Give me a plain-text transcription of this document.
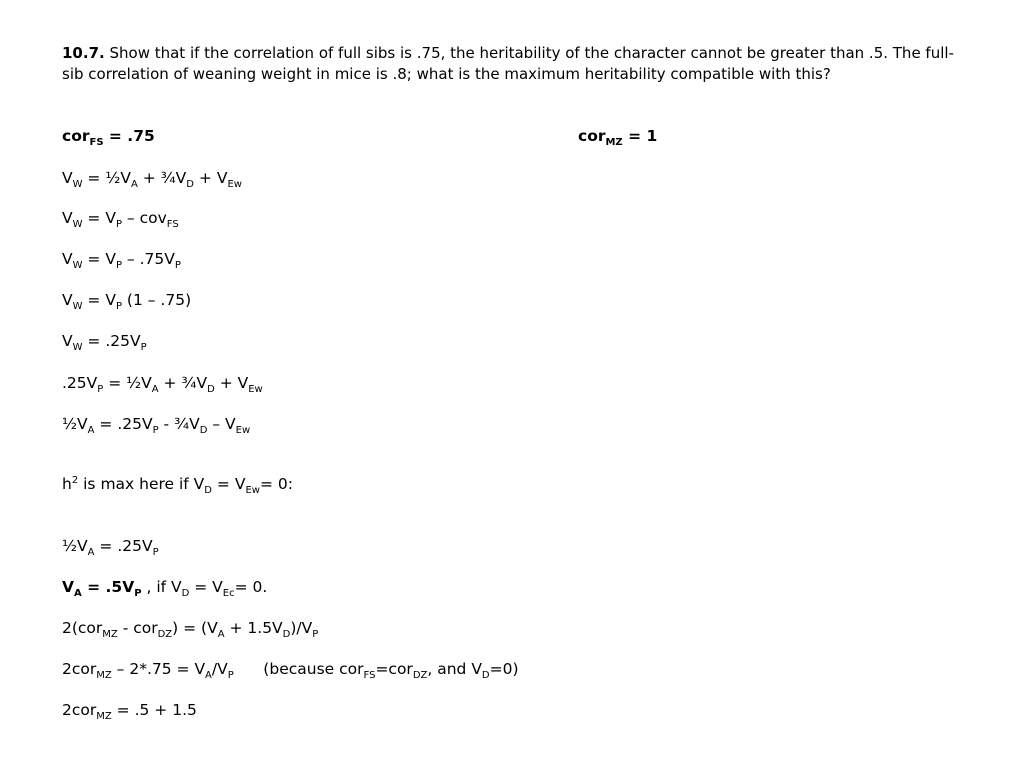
10.7. Show that if the correlation of full sibs is .75, the heritability of the character cannot be greater than .5. The full-sib correlation of weaning weight in mice is .8; what is the maximum heritability compatible with this?
cor$_{FS}$ = .75	cor$_{MZ}$ = 1
$V_W$ = $\frac{1}{2}V_A$ + $\frac{3}{4}V_D + V_{Ew}$
$V_W = V_P - cov_{FS}$
$V_W = V_P - .75V_P$
$V_W = V_P$ (1 – .75)
$V_W = .25V_P$
$.25V_P$ = $\frac{1}{2}V_A$ + $\frac{3}{4}V_D + V_{Ew}$
$\frac{1}{2}V_A = .25V_P$ - $\frac{3}{4}V_D - V_{Ew}$
$h^2$ is max here if $V_D = V_{Ew}= 0$:
$\frac{1}{2}V_A = .25V_P$
$V_A = .5V_P$ , if $V_D = V_{Ec}= 0$.
$2(cor_{MZ} - cor_{DZ}) = (V_A + 1.5V_D)/V_P$
$2cor_{MZ} - 2*.75 = V_A/V_P$      (because cor$_{FS}$=cor$_{DZ}$, and $V_D=0$)
2cor$_{MZ}$ = .5 + 1.5
